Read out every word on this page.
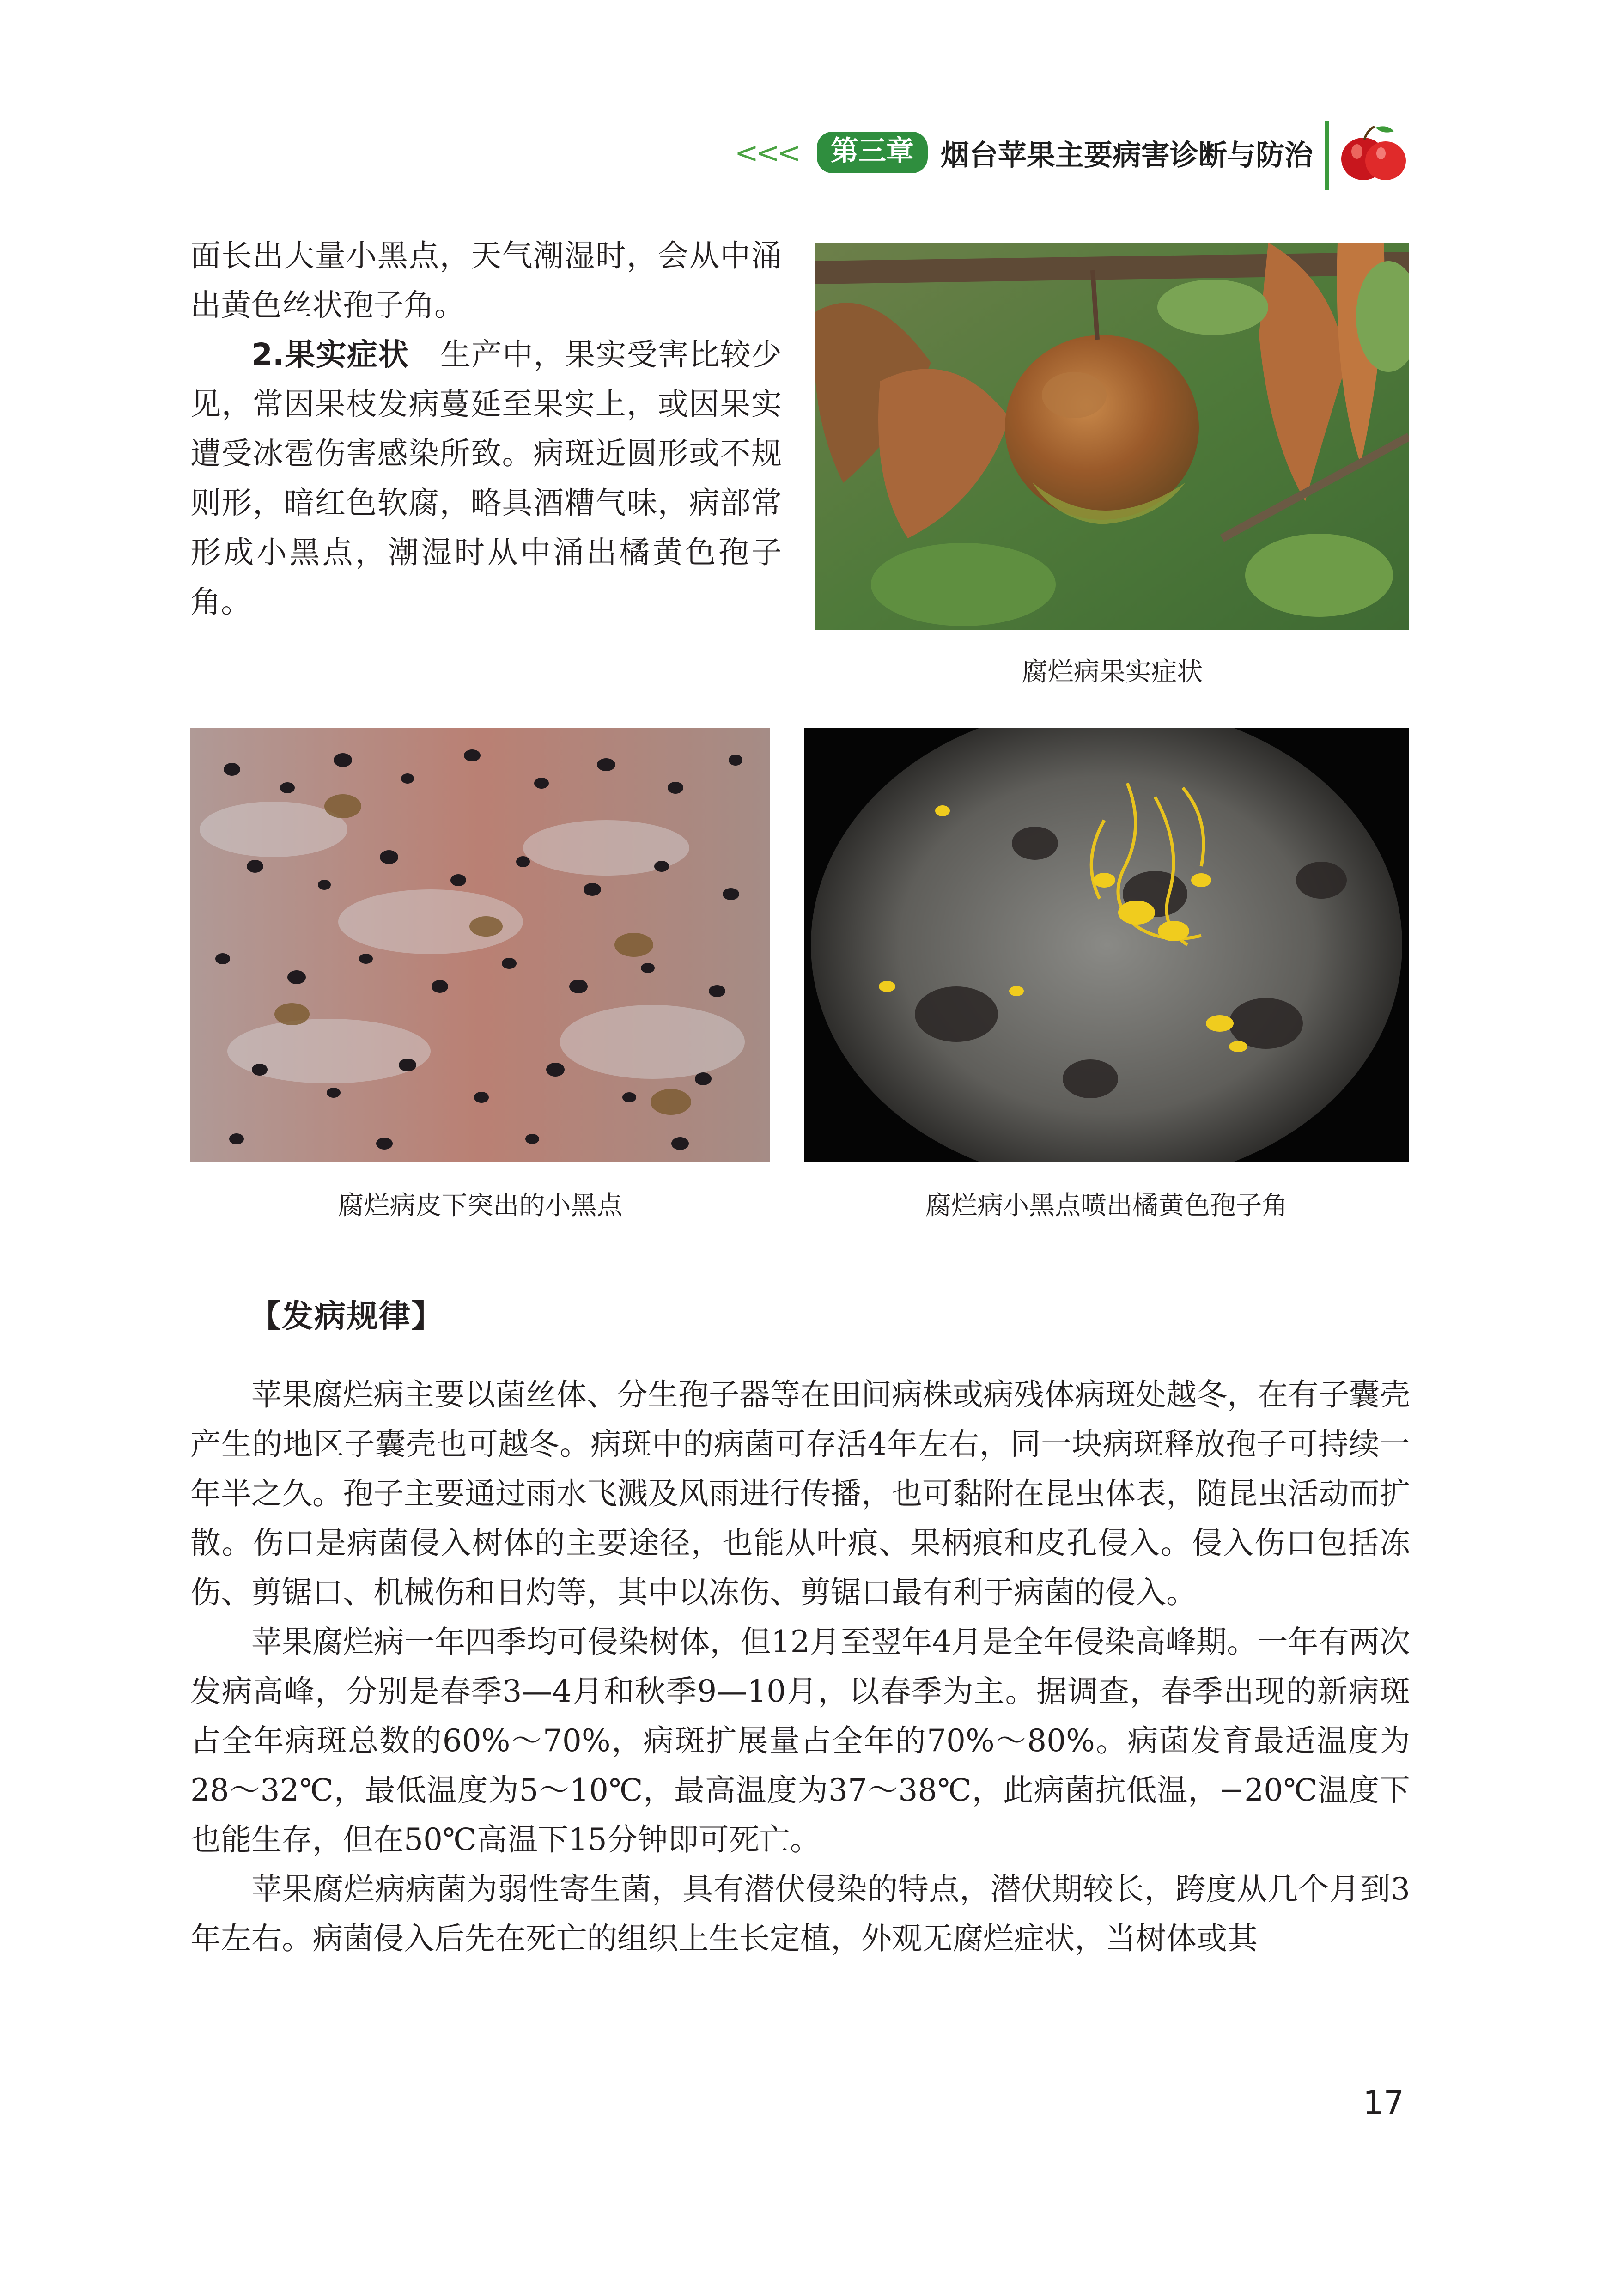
<<<	第三章 烟台苹果主要病害诊断与防治

面长出大量小黑点，天气潮湿时，会从中涌出黄色丝状孢子角。

2.果实症状　 生产中，果实受害比较少见，常因果枝发病蔓延至果实上，或因果实遭受冰雹伤害感染所致。病斑近圆形或不规则形，暗红色软腐，略具酒糟气味，病部常形成小黑点，潮湿时从中涌出橘黄色孢子角。

腐烂病果实症状
腐烂病皮下突出的小黑点	腐烂病小黑点喷出橘黄色孢子角
【发病规律】

苹果腐烂病主要以菌丝体、分生孢子器等在田间病株或病残体病斑处越冬，在有子囊壳产生的地区子囊壳也可越冬。病斑中的病菌可存活4年左右，同一块病斑释放孢子可持续一年半之久。孢子主要通过雨水飞溅及风雨进行传播，也可黏附在昆虫体表，随昆虫活动而扩散。伤口是病菌侵入树体的主要途径，也能从叶痕、果柄痕和皮孔侵入。侵入伤口包括冻伤、剪锯口、机械伤和日灼等，其中以冻伤、剪锯口最有利于病菌的侵入。

苹果腐烂病一年四季均可侵染树体，但12月至翌年4月是全年侵染高峰期。一年有两次发病高峰，分别是春季3—4月和秋季9—10月，以春季为主。据调查，春季出现的新病斑占全年病斑总数的60%～70%，病斑扩展量占全年的70%～80%。病菌发育最适温度为28～32℃，最低温度为5～10℃，最高温度为37～38℃，此病菌抗低温，−20℃温度下也能生存，但在50℃高温下15分钟即可死亡。

苹果腐烂病病菌为弱性寄生菌，具有潜伏侵染的特点，潜伏期较长，跨度从几个月到3年左右。病菌侵入后先在死亡的组织上生长定植，外观无腐烂症状，当树体或其

17
